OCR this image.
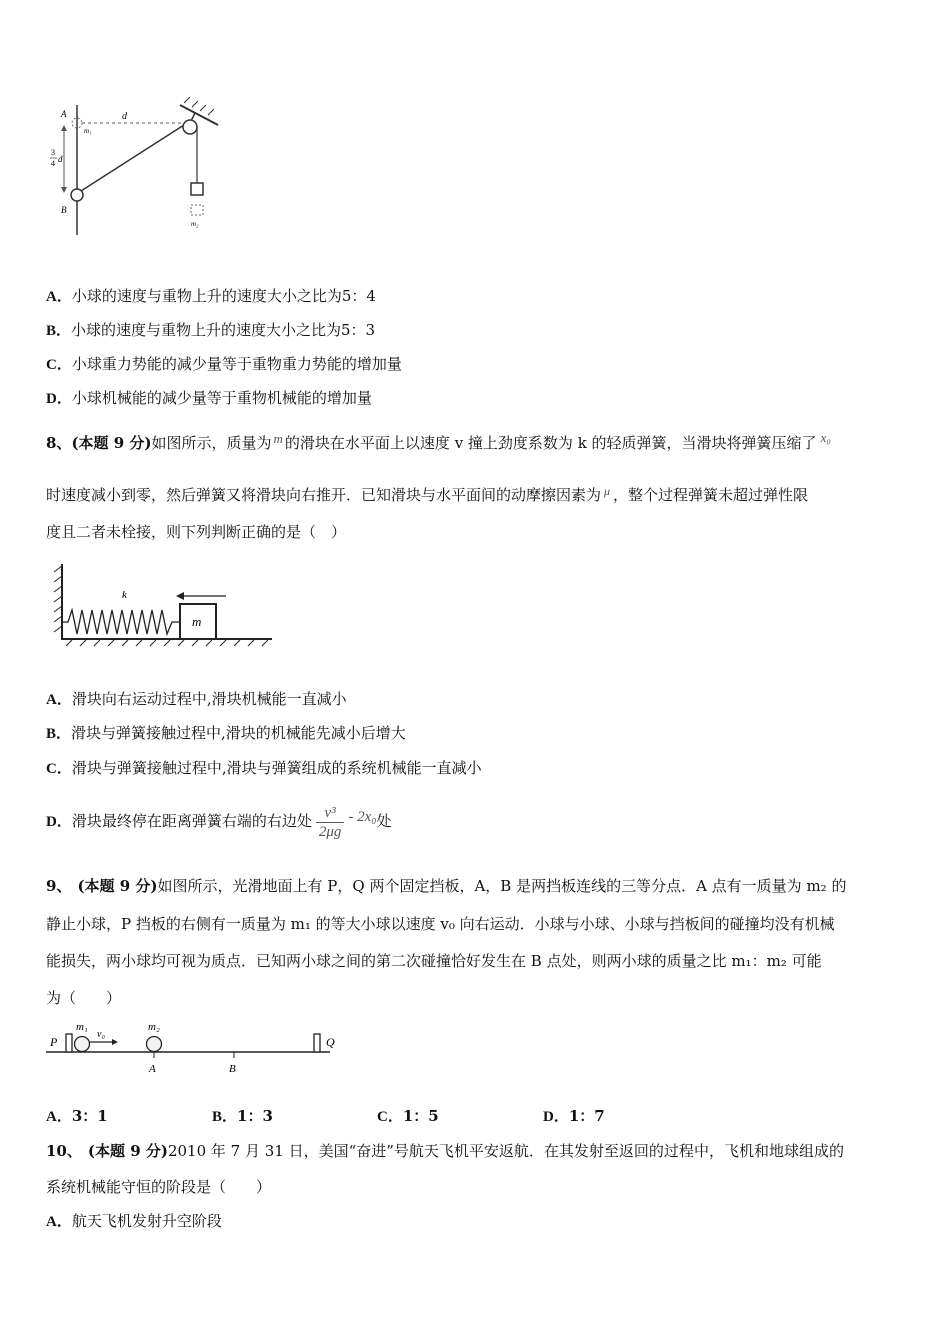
A
B
d
m₁
m₂
3
4 d
A．小球的速度与重物上升的速度大小之比为5：4
B．小球的速度与重物上升的速度大小之比为5：3
C．小球重力势能的减少量等于重物重力势能的增加量
D．小球机械能的减少量等于重物机械能的增加量
8、(本题 9 分)如图所示，质量为 m 的滑块在水平面上以速度 v 撞上劲度系数为 k 的轻质弹簧，当滑块将弹簧压缩了 x₀
时速度减小到零，然后弹簧又将滑块向右推开．已知滑块与水平面间的动摩擦因素为 $^\mu$ ，整个过程弹簧未超过弹性限
度且二者未栓接，则下列判断正确的是（　）
m
k
A．滑块向右运动过程中,滑块机械能一直减小
B．滑块与弹簧接触过程中,滑块的机械能先减小后增大
C．滑块与弹簧接触过程中,滑块与弹簧组成的系统机械能一直减小
D．滑块最终停在距离弹簧右端的右边处 $\frac{\text{v³}}{2\mu g} - 2x_0$处
9、 (本题 9 分)如图所示，光滑地面上有 P，Q 两个固定挡板，A，B 是两挡板连线的三等分点．A 点有一质量为 m₂ 的
静止小球，P 挡板的右侧有一质量为 m₁ 的等大小球以速度 v₀ 向右运动．小球与小球、小球与挡板间的碰撞均没有机械
能损失，两小球均可视为质点．已知两小球之间的第二次碰撞恰好发生在 B 点处，则两小球的质量之比 m₁：m₂ 可能
为（　　）
P
m₁
v₀
m₂
A	B
Q
A．3：1	B．1：3	C．1：5	D．1：7
10、 (本题 9 分)2010 年 7 月 31 日，美国“奋进”号航天飞机平安返航．在其发射至返回的过程中，飞机和地球组成的
系统机械能守恒的阶段是（　　）
A．航天飞机发射升空阶段
